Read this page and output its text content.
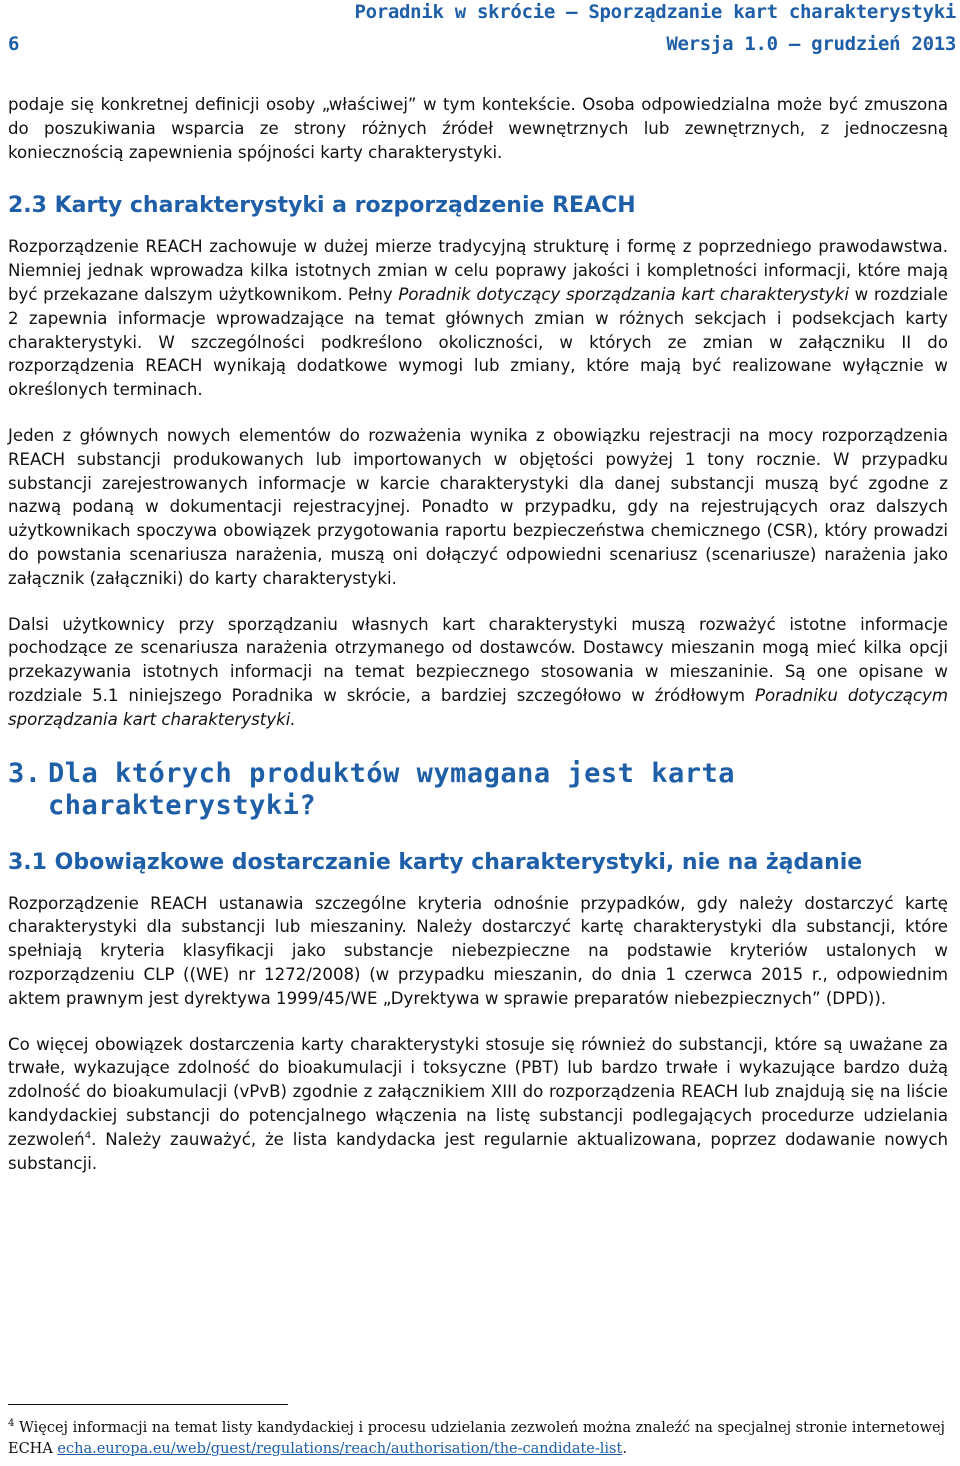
Poradnik w skrócie – Sporządzanie kart charakterystyki
6	Wersja 1.0 – grudzień 2013

podaje się konkretnej definicji osoby „właściwej” w tym kontekście. Osoba odpowiedzialna może być zmuszona do poszukiwania wsparcia ze strony różnych źródeł wewnętrznych lub zewnętrznych, z jednoczesną koniecznością zapewnienia spójności karty charakterystyki.

2.3 Karty charakterystyki a rozporządzenie REACH

Rozporządzenie REACH zachowuje w dużej mierze tradycyjną strukturę i formę z poprzedniego prawodawstwa. Niemniej jednak wprowadza kilka istotnych zmian w celu poprawy jakości i kompletności informacji, które mają być przekazane dalszym użytkownikom. Pełny Poradnik dotyczący sporządzania kart charakterystyki w rozdziale 2 zapewnia informacje wprowadzające na temat głównych zmian w różnych sekcjach i podsekcjach karty charakterystyki. W szczególności podkreślono okoliczności, w których ze zmian w załączniku II do rozporządzenia REACH wynikają dodatkowe wymogi lub zmiany, które mają być realizowane wyłącznie w określonych terminach.

Jeden z głównych nowych elementów do rozważenia wynika z obowiązku rejestracji na mocy rozporządzenia REACH substancji produkowanych lub importowanych w objętości powyżej 1 tony rocznie. W przypadku substancji zarejestrowanych informacje w karcie charakterystyki dla danej substancji muszą być zgodne z nazwą podaną w dokumentacji rejestracyjnej. Ponadto w przypadku, gdy na rejestrujących oraz dalszych użytkownikach spoczywa obowiązek przygotowania raportu bezpieczeństwa chemicznego (CSR), który prowadzi do powstania scenariusza narażenia, muszą oni dołączyć odpowiedni scenariusz (scenariusze) narażenia jako załącznik (załączniki) do karty charakterystyki.

Dalsi użytkownicy przy sporządzaniu własnych kart charakterystyki muszą rozważyć istotne informacje pochodzące ze scenariusza narażenia otrzymanego od dostawców. Dostawcy mieszanin mogą mieć kilka opcji przekazywania istotnych informacji na temat bezpiecznego stosowania w mieszaninie. Są one opisane w rozdziale 5.1 niniejszego Poradnika w skrócie, a bardziej szczegółowo w źródłowym Poradniku dotyczącym sporządzania kart charakterystyki.

3. Dla których produktów wymagana jest karta
charakterystyki?
3.1 Obowiązkowe dostarczanie karty charakterystyki, nie na żądanie

Rozporządzenie REACH ustanawia szczególne kryteria odnośnie przypadków, gdy należy dostarczyć kartę charakterystyki dla substancji lub mieszaniny. Należy dostarczyć kartę charakterystyki dla substancji, które spełniają kryteria klasyfikacji jako substancje niebezpieczne na podstawie kryteriów ustalonych w rozporządzeniu CLP ((WE) nr 1272/2008) (w przypadku mieszanin, do dnia 1 czerwca 2015 r., odpowiednim aktem prawnym jest dyrektywa 1999/45/WE „Dyrektywa w sprawie preparatów niebezpiecznych” (DPD)).

Co więcej obowiązek dostarczenia karty charakterystyki stosuje się również do substancji, które są uważane za trwałe, wykazujące zdolność do bioakumulacji i toksyczne (PBT) lub bardzo trwałe i wykazujące bardzo dużą zdolność do bioakumulacji (vPvB) zgodnie z załącznikiem XIII do rozporządzenia REACH lub znajdują się na liście kandydackiej substancji do potencjalnego włączenia na listę substancji podlegających procedurze udzielania zezwoleń$^4$. Należy zauważyć, że lista kandydacka jest regularnie aktualizowana, poprzez dodawanie nowych substancji.

$^4$ Więcej informacji na temat listy kandydackiej i procesu udzielania zezwoleń można znaleźć na specjalnej stronie internetowej ECHA echa.europa.eu/web/guest/regulations/reach/authorisation/the-candidate-list.
